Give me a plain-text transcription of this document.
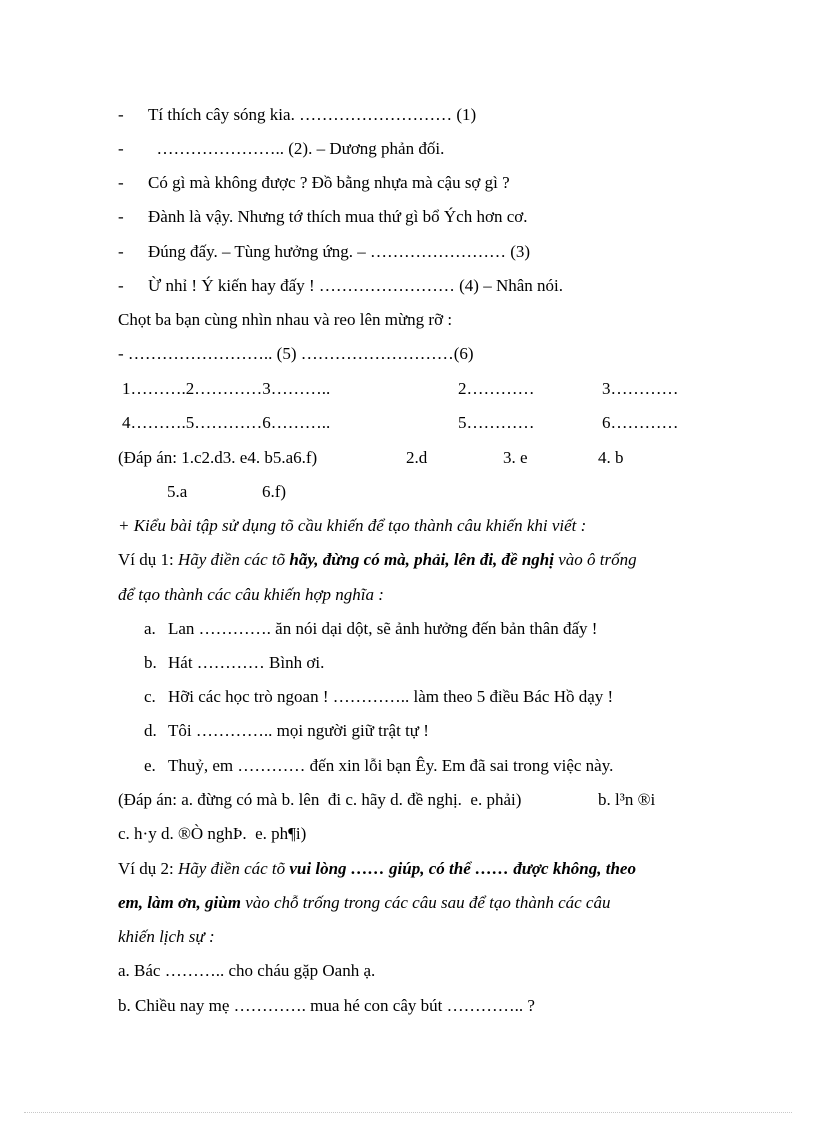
- Tí thích cây sóng kia. ……………………… (1)
-  ………………….. (2). – Dương phản đối.
- Có gì mà không được ? Đồ bằng nhựa mà cậu sợ gì ?
- Đành là vậy. Nhưng tớ thích mua thứ gì bổ Ých hơn cơ.
- Đúng đấy. – Tùng hưởng ứng. – …………………… (3)
- Ừ nhỉ ! Ý kiến hay đấy ! …………………… (4) – Nhân nói.
Chọt ba bạn cùng nhìn nhau và reo lên mừng rỡ :
- …………………….. (5) ………………………(6)
1……….2…………3………..	2…………	3…………
4……….5…………6………..	5…………	6…………
(Đáp án: 1.c2.d3. e4. b5.a6.f)	2.d	3. e	4. b
5.a	6.f)
+ Kiểu bài tập sử dụng tõ cầu khiến để tạo thành câu khiến khi viết :
Ví dụ 1: Hãy điền các tõ hãy, đừng có mà, phải, lên đi, đề nghị vào ô trống
để tạo thành các câu khiến hợp nghĩa :
a. Lan …………. ăn nói dại dột, sẽ ảnh hưởng đến bản thân đấy !
b. Hát ………… Bình ơi.
c. Hỡi các học trò ngoan ! ………….. làm theo 5 điều Bác Hồ dạy !
d. Tôi ………….. mọi người giữ trật tự !
e. Thuỷ, em ………… đến xin lỗi bạn Êy. Em đã sai trong việc này.
(Đáp án: a. đừng có mà b. lên  đi c. hãy d. đề nghị.  e. phải)	b. l³n ®i
c. h·y d. ®Ò nghÞ.  e. ph¶i)
Ví dụ 2: Hãy điền các tõ vui lòng …… giúp, có thể …… được không, theo
em, làm ơn, giùm vào chỗ trống trong các câu sau để tạo thành các câu
khiến lịch sự :
a. Bác ……….. cho cháu gặp Oanh ạ.
b. Chiều nay mẹ …………. mua hé con cây bút ………….. ?
